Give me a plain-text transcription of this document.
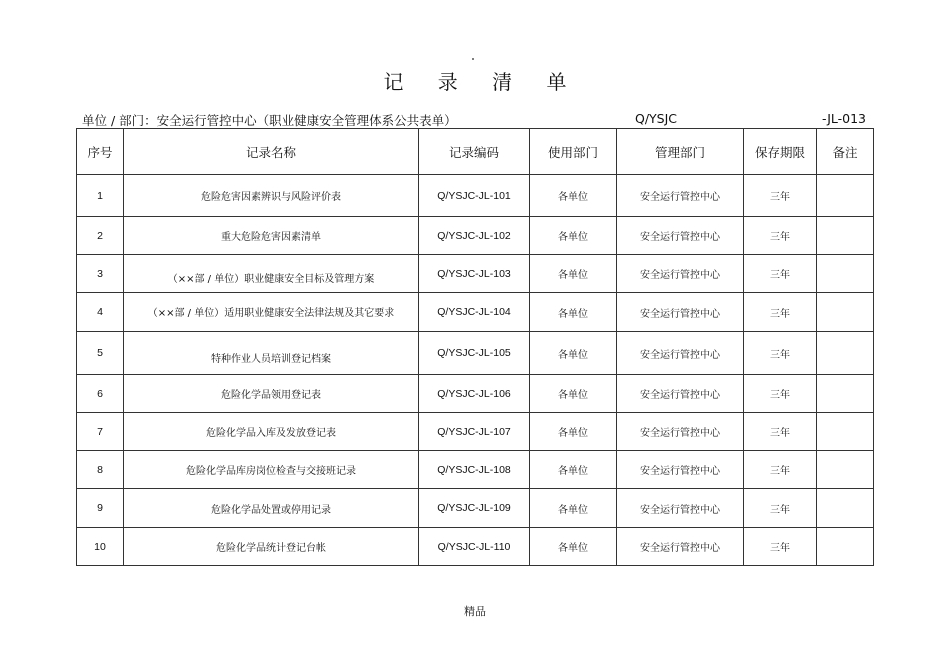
记 录 清 单
单位 / 部门：安全运行管控中心（职业健康安全管理体系公共表单）	Q/YSJC	-JL-013
序号	记录名称	记录编码	使用部门	管理部门	保存期限	备注
1	危险危害因素辨识与风险评价表	Q/YSJC-JL-101	各单位	安全运行管控中心	三年	
2	重大危险危害因素清单	Q/YSJC-JL-102	各单位	安全运行管控中心	三年	
3	（××部 / 单位）职业健康安全目标及管理方案	Q/YSJC-JL-103	各单位	安全运行管控中心	三年	
4	（××部 / 单位）适用职业健康安全法律法规及其它要求	Q/YSJC-JL-104	各单位	安全运行管控中心	三年	
5	特种作业人员培训登记档案	Q/YSJC-JL-105	各单位	安全运行管控中心	三年	
6	危险化学品领用登记表	Q/YSJC-JL-106	各单位	安全运行管控中心	三年	
7	危险化学品入库及发放登记表	Q/YSJC-JL-107	各单位	安全运行管控中心	三年	
8	危险化学品库房岗位检查与交接班记录	Q/YSJC-JL-108	各单位	安全运行管控中心	三年	
9	危险化学品处置或停用记录	Q/YSJC-JL-109	各单位	安全运行管控中心	三年	
10	危险化学品统计登记台帐	Q/YSJC-JL-110	各单位	安全运行管控中心	三年	
精品
